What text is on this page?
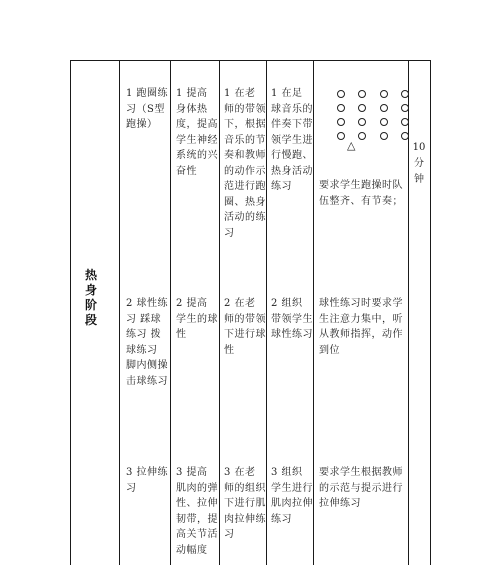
热
身
阶
段
1 跑圈练习（S型跑操）
1 提高身体热度，提高学生神经系统的兴奋性
1 在老师的带领下，根据音乐的节奏和教师的动作示范进行跑圈、热身活动的练习
1 在足球音乐的伴奏下带领学生进行慢跑、热身活动练习
△
要求学生跑操时队伍整齐、有节奏；
10
分
钟
2 球性练习 踩球练习 拨球练习 脚内侧操击球练习
2 提高学生的球性
2 在老师的带领下进行球性
2 组织带领学生球性练习
球性练习时要求学生注意力集中，听从教师指挥，动作到位
3 拉伸练习
3 提高肌肉的弹性、拉伸韧带，提高关节活动幅度
3 在老师的组织下进行肌肉拉伸练习
3 组织学生进行肌肉拉伸练习
要求学生根据教师的示范与提示进行拉伸练习
